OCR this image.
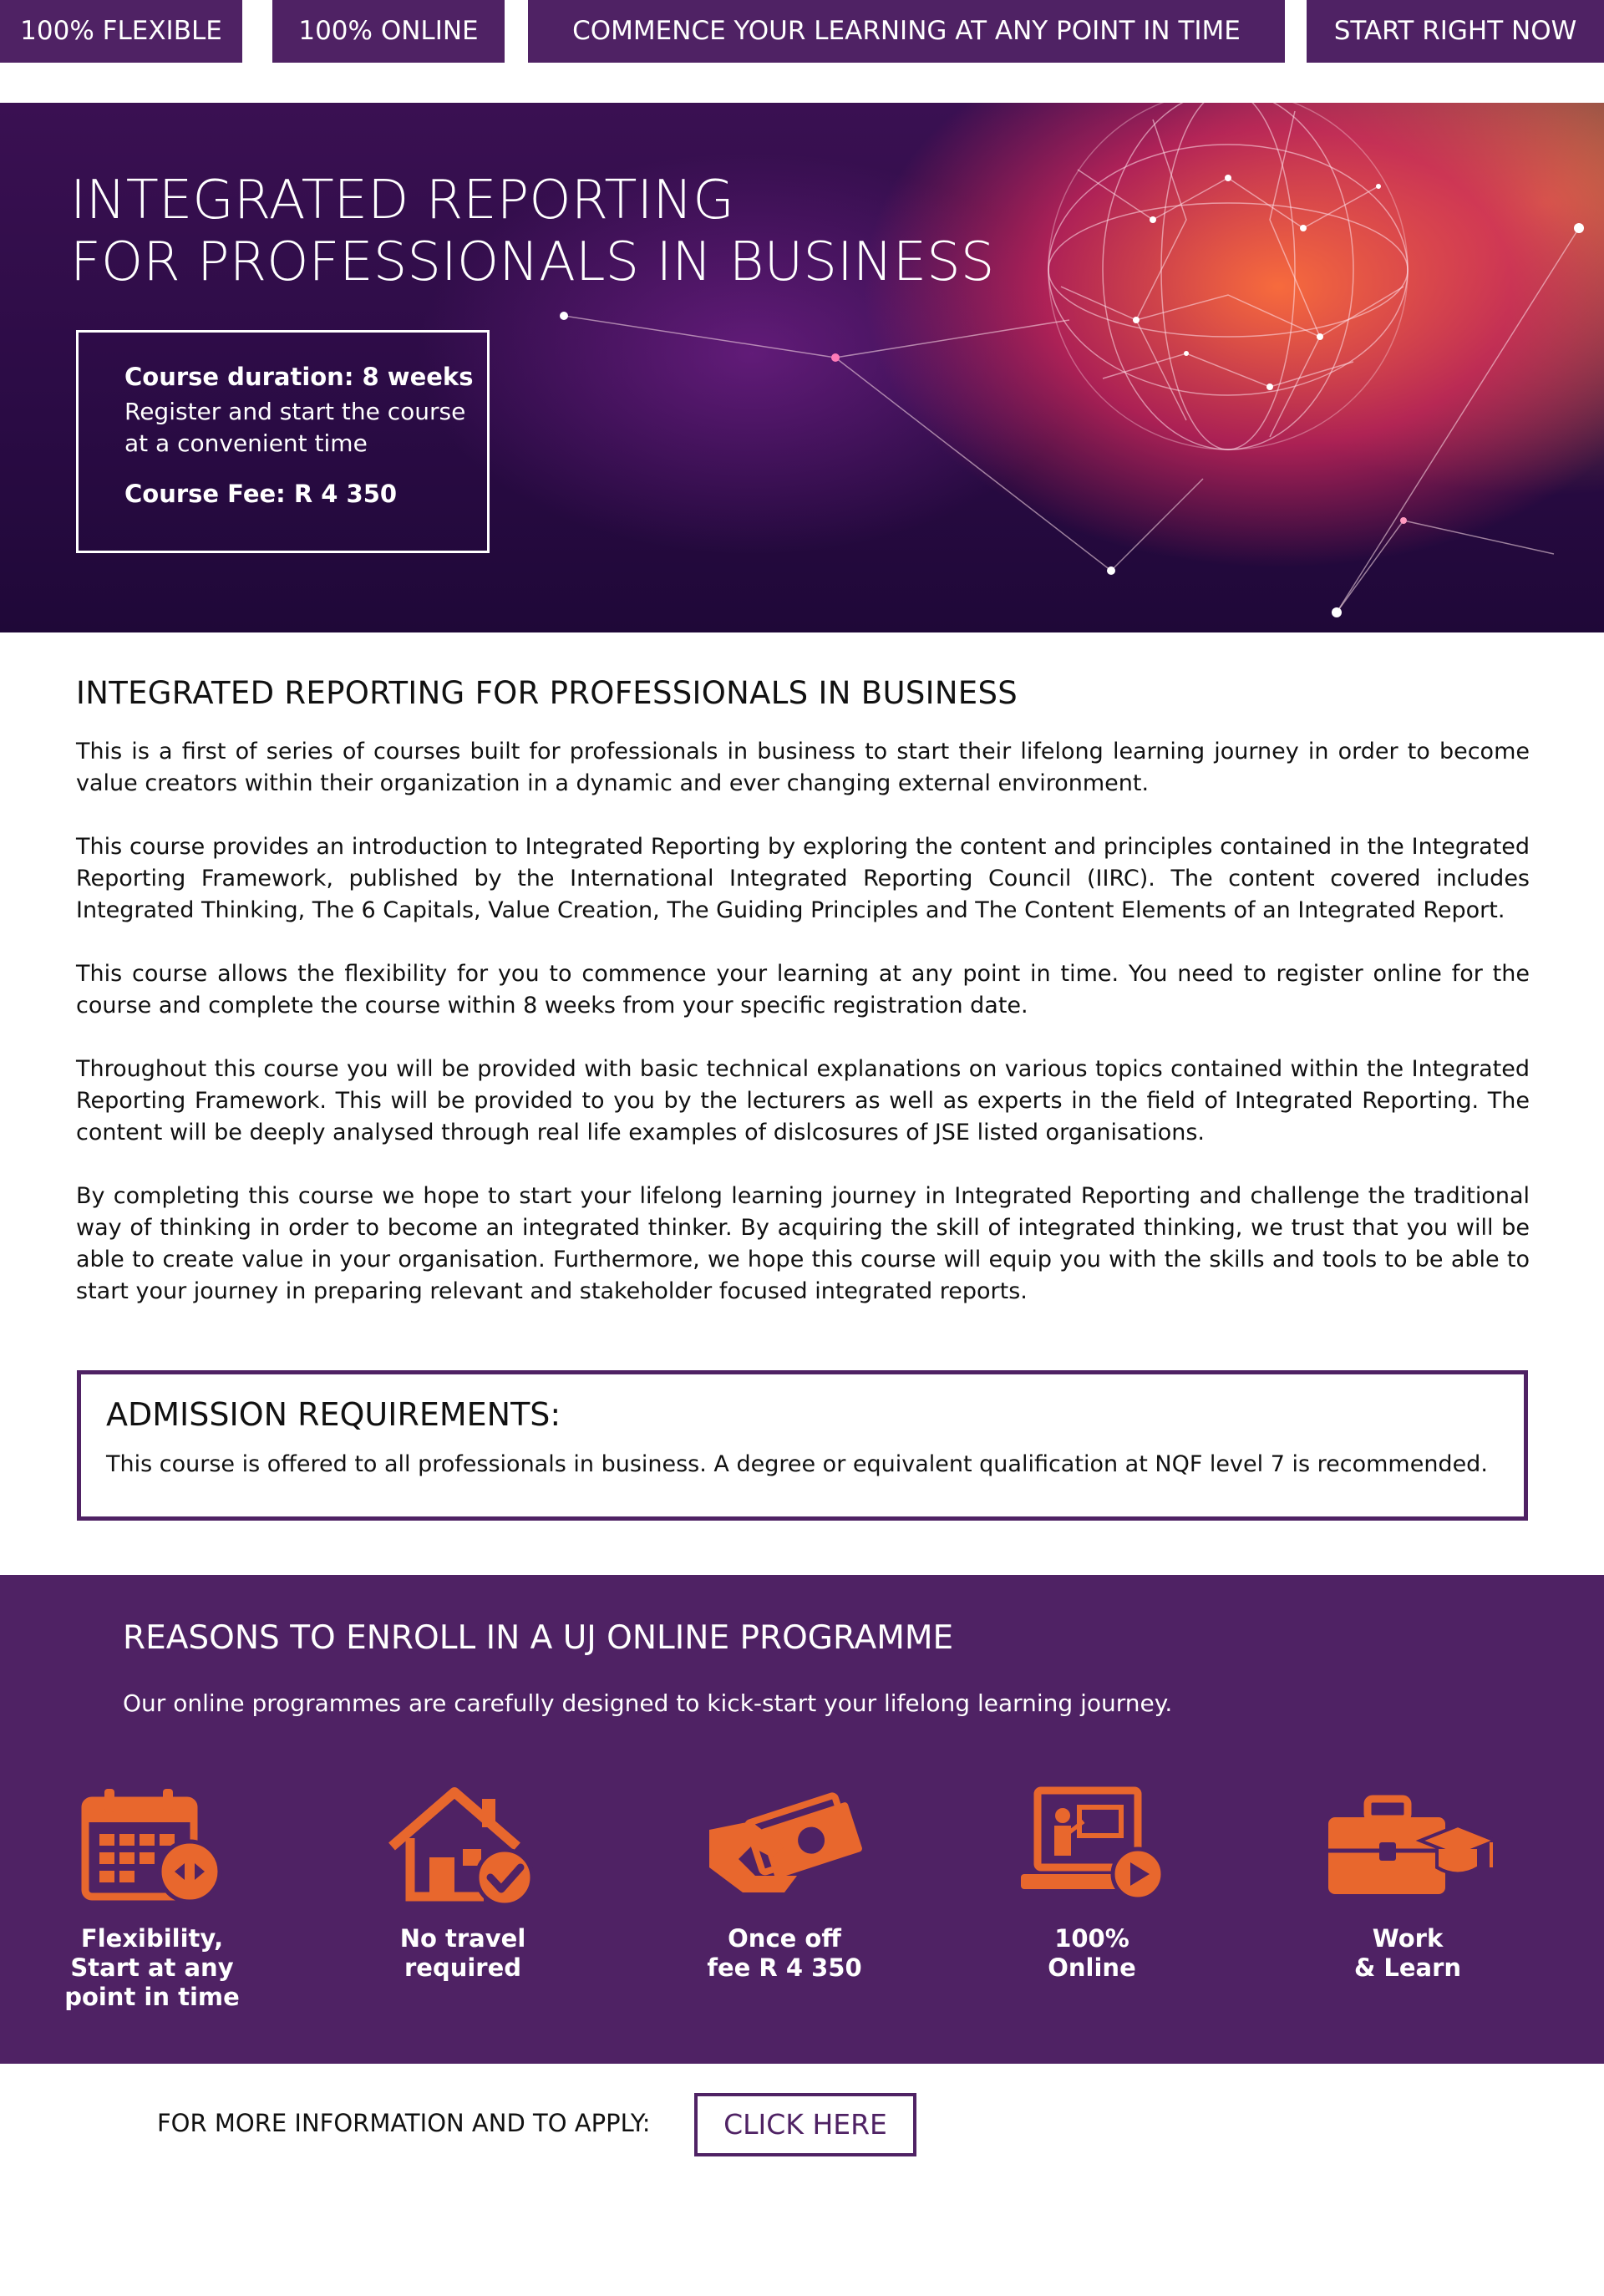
100% FLEXIBLE	100% ONLINE	COMMENCE YOUR LEARNING AT ANY POINT IN TIME	START RIGHT NOW
INTEGRATED REPORTING
FOR PROFESSIONALS IN BUSINESS
Course duration: 8 weeks
Register and start the course
at a convenient time
Course Fee: R 4 350
INTEGRATED REPORTING FOR PROFESSIONALS IN BUSINESS

This is a first of series of courses built for professionals in business to start their lifelong learning journey in order to become value creators within their organization in a dynamic and ever changing external environment.

This course provides an introduction to Integrated Reporting by exploring the content and principles contained in the Integrated Reporting Framework, published by the International Integrated Reporting Council (IIRC). The content covered includes Integrated Thinking, The 6 Capitals, Value Creation, The Guiding Principles and The Content Elements of an Integrated Report.

This course allows the flexibility for you to commence your learning at any point in time. You need to register online for the course and complete the course within 8 weeks from your specific registration date.

Throughout this course you will be provided with basic technical explanations on various topics contained within the Integrated Reporting Framework. This will be provided to you by the lecturers as well as experts in the field of Integrated Reporting. The content will be deeply analysed through real life examples of dislcosures of JSE listed organisations.

By completing this course we hope to start your lifelong learning journey in Integrated Reporting and challenge the traditional way of thinking in order to become an integrated thinker. By acquiring the skill of integrated thinking, we trust that you will be able to create value in your organisation. Furthermore, we hope this course will equip you with the skills and tools to be able to start your journey in preparing relevant and stakeholder focused integrated reports.

ADMISSION REQUIREMENTS:

This course is offered to all professionals in business. A degree or equivalent qualification at NQF level 7 is recommended.

REASONS TO ENROLL IN A UJ ONLINE PROGRAMME
Our online programmes are carefully designed to kick-start your lifelong learning journey.
Flexibility,
Start at any
point in time
No travel
required
Once off
fee R 4 350
100%
Online
Work
& Learn
FOR MORE INFORMATION AND TO APPLY:	CLICK HERE
